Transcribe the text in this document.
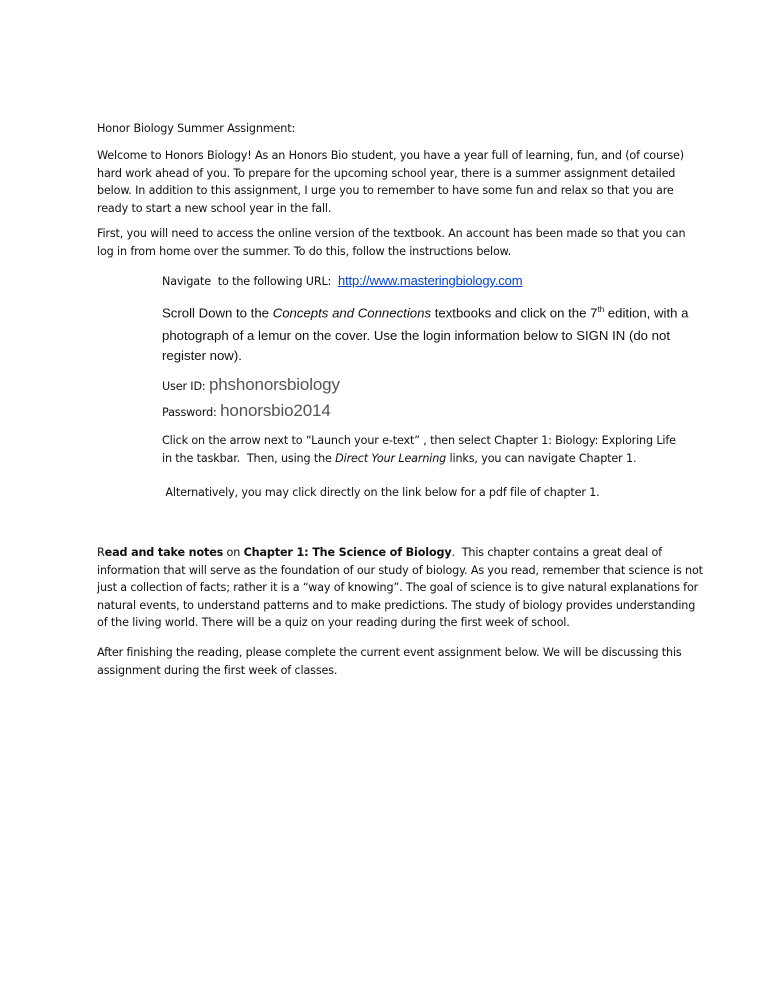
Honor Biology Summer Assignment:
Welcome to Honors Biology! As an Honors Bio student, you have a year full of learning, fun, and (of course)
hard work ahead of you. To prepare for the upcoming school year, there is a summer assignment detailed
below. In addition to this assignment, I urge you to remember to have some fun and relax so that you are
ready to start a new school year in the fall.
First, you will need to access the online version of the textbook. An account has been made so that you can
log in from home over the summer. To do this, follow the instructions below.
Navigate  to the following URL:  http://www.masteringbiology.com
Scroll Down to the Concepts and Connections textbooks and click on the 7th edition, with a
photograph of a lemur on the cover. Use the login information below to SIGN IN (do not
register now).
User ID: phshonorsbiology
Password: honorsbio2014
Click on the arrow next to “Launch your e-text” , then select Chapter 1: Biology: Exploring Life
in the taskbar.  Then, using the Direct Your Learning links, you can navigate Chapter 1.
Alternatively, you may click directly on the link below for a pdf file of chapter 1.
Read and take notes on Chapter 1: The Science of Biology.  This chapter contains a great deal of
information that will serve as the foundation of our study of biology. As you read, remember that science is not
just a collection of facts; rather it is a “way of knowing”. The goal of science is to give natural explanations for
natural events, to understand patterns and to make predictions. The study of biology provides understanding
of the living world. There will be a quiz on your reading during the first week of school.
After finishing the reading, please complete the current event assignment below. We will be discussing this
assignment during the first week of classes.
